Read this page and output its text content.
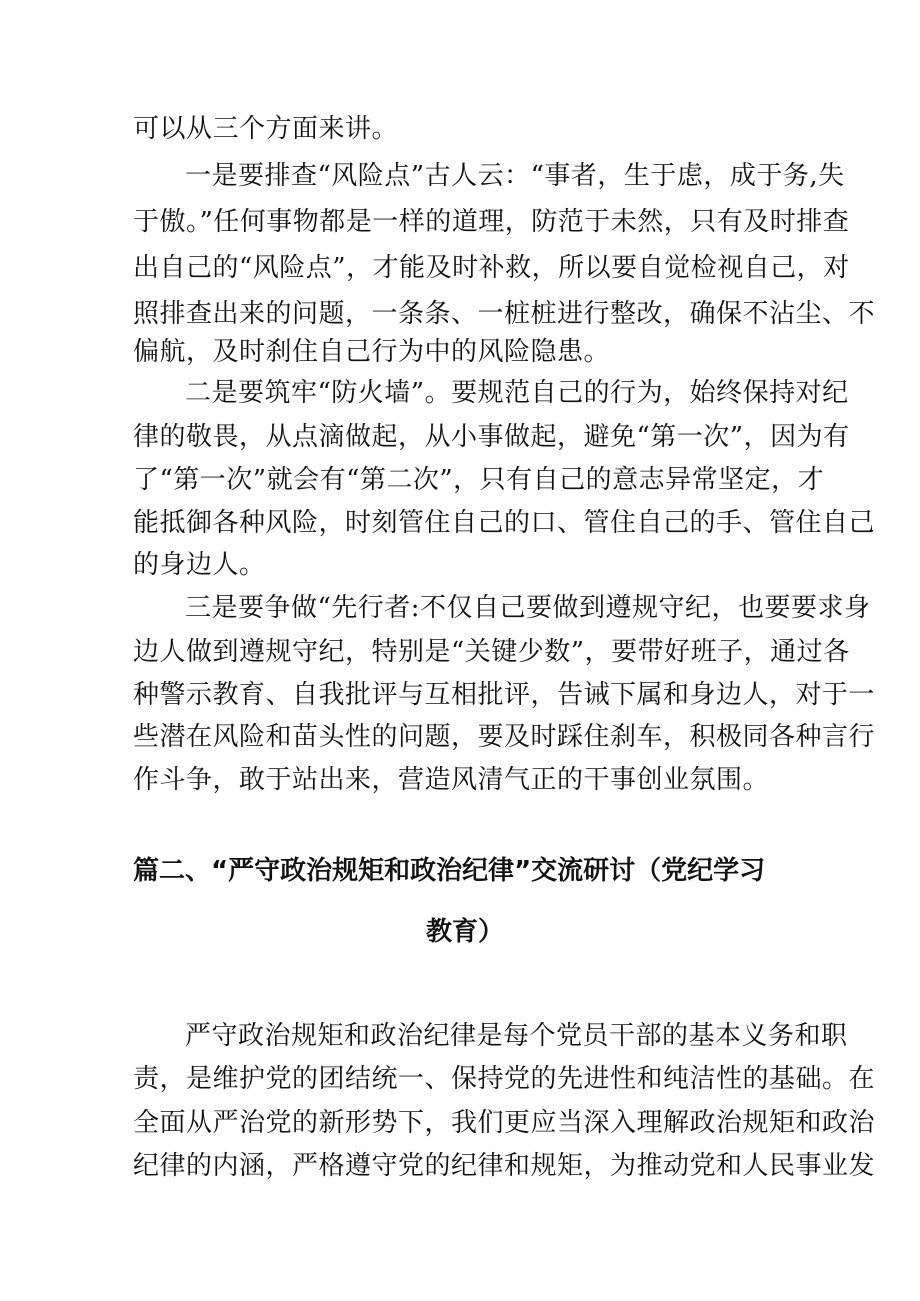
可以从三个方面来讲。
一是要排查“风险点”古人云：“事者，生于虑，成于务,失
于傲。”任何事物都是一样的道理，防范于未然，只有及时排查
出自己的“风险点”，才能及时补救，所以要自觉检视自己，对
照排查出来的问题，一条条、一桩桩进行整改，确保不沾尘、不
偏航，及时刹住自己行为中的风险隐患。
二是要筑牢“防火墙”。要规范自己的行为，始终保持对纪
律的敬畏，从点滴做起，从小事做起，避免“第一次”，因为有
了“第一次”就会有“第二次”，只有自己的意志异常坚定，才
能抵御各种风险，时刻管住自己的口、管住自己的手、管住自己
的身边人。
三是要争做“先行者:不仅自己要做到遵规守纪，也要要求身
边人做到遵规守纪，特别是“关键少数”，要带好班子，通过各
种警示教育、自我批评与互相批评，告诫下属和身边人，对于一
些潜在风险和苗头性的问题，要及时踩住刹车，积极同各种言行
作斗争，敢于站出来，营造风清气正的干事创业氛围。
篇二、“严守政治规矩和政治纪律”交流研讨（党纪学习
教育）
严守政治规矩和政治纪律是每个党员干部的基本义务和职
责，是维护党的团结统一、保持党的先进性和纯洁性的基础。在
全面从严治党的新形势下，我们更应当深入理解政治规矩和政治
纪律的内涵，严格遵守党的纪律和规矩，为推动党和人民事业发
